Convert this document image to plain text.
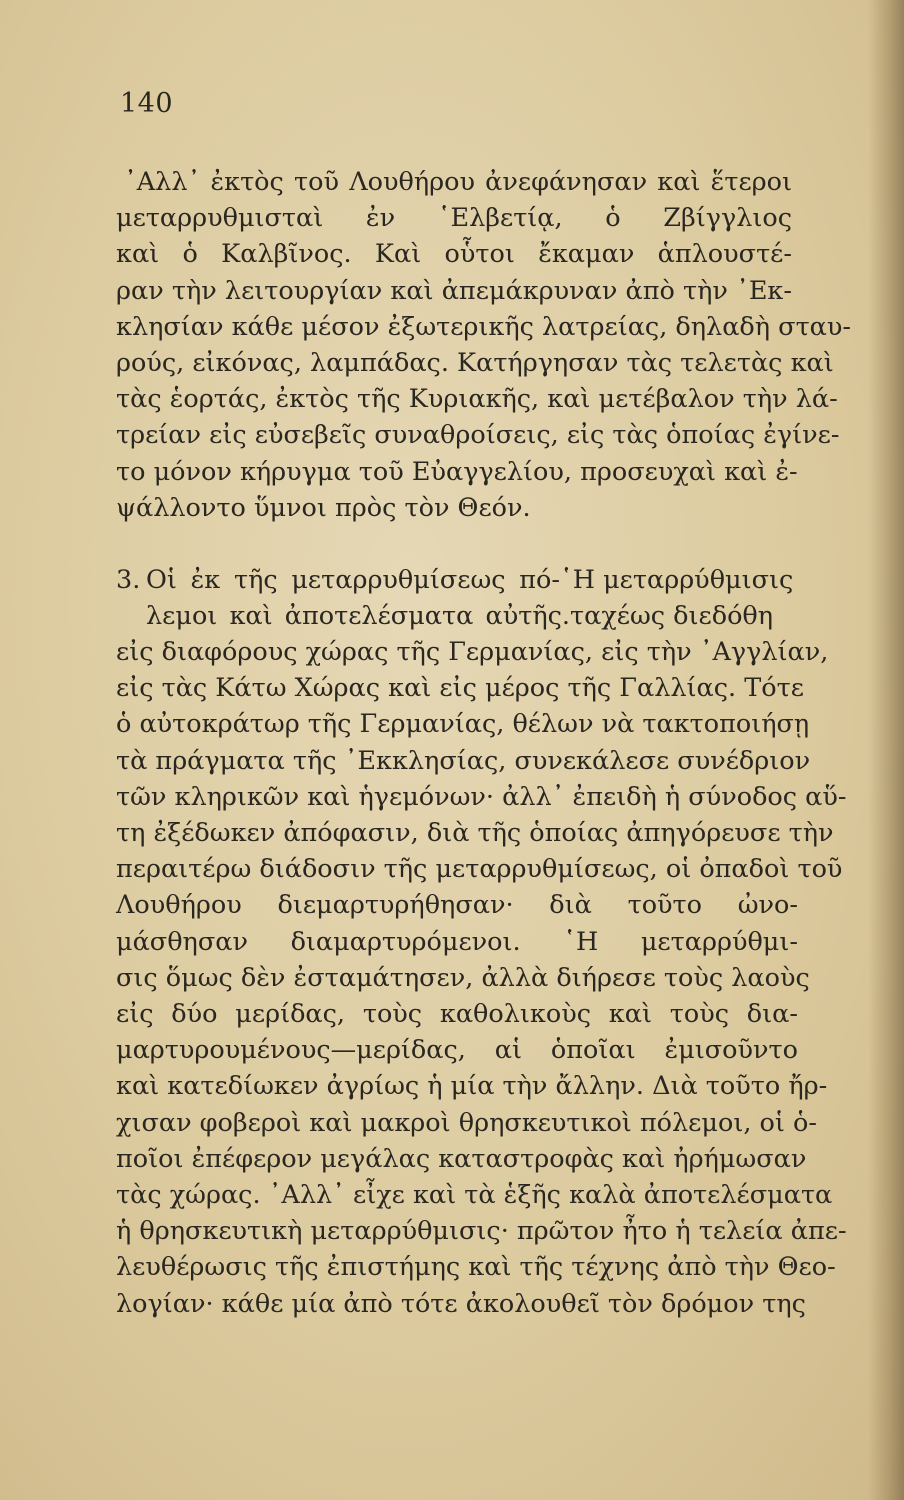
140
᾿Αλλ᾿ ἐκτὸς τοῦ Λουθήρου ἀνεφάνησαν καὶ ἕτεροι
μεταρρυθμισταὶ ἐν ῾Ελβετίᾳ, ὁ Ζβίγγλιος
καὶ ὁ Καλβῖνος. Καὶ οὗτοι ἔκαμαν ἁπλουστέ-
ραν τὴν λειτουργίαν καὶ ἀπεμάκρυναν ἀπὸ τὴν ᾿Εκ-
κλησίαν κάθε μέσον ἐξωτερικῆς λατρείας, δηλαδὴ σταυ-
ρούς, εἰκόνας, λαμπάδας. Κατήργησαν τὰς τελετὰς καὶ
τὰς ἑορτάς, ἐκτὸς τῆς Κυριακῆς, καὶ μετέβαλον τὴν λά-
τρείαν εἰς εὐσεβεῖς συναθροίσεις, εἰς τὰς ὁποίας ἐγίνε-
το μόνον κήρυγμα τοῦ Εὐαγγελίου, προσευχαὶ καὶ ἐ-
ψάλλοντο ὕμνοι πρὸς τὸν Θεόν.
3. Οἱ ἐκ τῆς μεταρρυθμίσεως πό-῾Η μεταρρύθμισις
λεμοι καὶ ἀποτελέσματα αὐτῆς.ταχέως διεδόθη
εἰς διαφόρους χώρας τῆς Γερμανίας, εἰς τὴν ᾿Αγγλίαν,
εἰς τὰς Κάτω Χώρας καὶ εἰς μέρος τῆς Γαλλίας. Τότε
ὁ αὐτοκράτωρ τῆς Γερμανίας, θέλων νὰ τακτοποιήσῃ
τὰ πράγματα τῆς ᾿Εκκλησίας, συνεκάλεσε συνέδριον
τῶν κληρικῶν καὶ ἡγεμόνων· ἀλλ᾿ ἐπειδὴ ἡ σύνοδος αὕ-
τη ἐξέδωκεν ἀπόφασιν, διὰ τῆς ὁποίας ἀπηγόρευσε τὴν
περαιτέρω διάδοσιν τῆς μεταρρυθμίσεως, οἱ ὀπαδοὶ τοῦ
Λουθήρου διεμαρτυρήθησαν· διὰ τοῦτο ὠνο-
μάσθησαν διαμαρτυρόμενοι. ῾Η μεταρρύθμι-
σις ὅμως δὲν ἐσταμάτησεν, ἀλλὰ διήρεσε τοὺς λαοὺς
εἰς δύο μερίδας, τοὺς καθολικοὺς καὶ τοὺς δια-
μαρτυρουμένους—μερίδας, αἱ ὁποῖαι ἐμισοῦντο
καὶ κατεδίωκεν ἀγρίως ἡ μία τὴν ἄλλην. Διὰ τοῦτο ἤρ-
χισαν φοβεροὶ καὶ μακροὶ θρησκευτικοὶ πόλεμοι, οἱ ὁ-
ποῖοι ἐπέφερον μεγάλας καταστροφὰς καὶ ἠρήμωσαν
τὰς χώρας. ᾿Αλλ᾿ εἶχε καὶ τὰ ἑξῆς καλὰ ἀποτελέσματα
ἡ θρησκευτικὴ μεταρρύθμισις· πρῶτον ἦτο ἡ τελεία ἀπε-
λευθέρωσις τῆς ἐπιστήμης καὶ τῆς τέχνης ἀπὸ τὴν Θεο-
λογίαν· κάθε μία ἀπὸ τότε ἀκολουθεῖ τὸν δρόμον της
